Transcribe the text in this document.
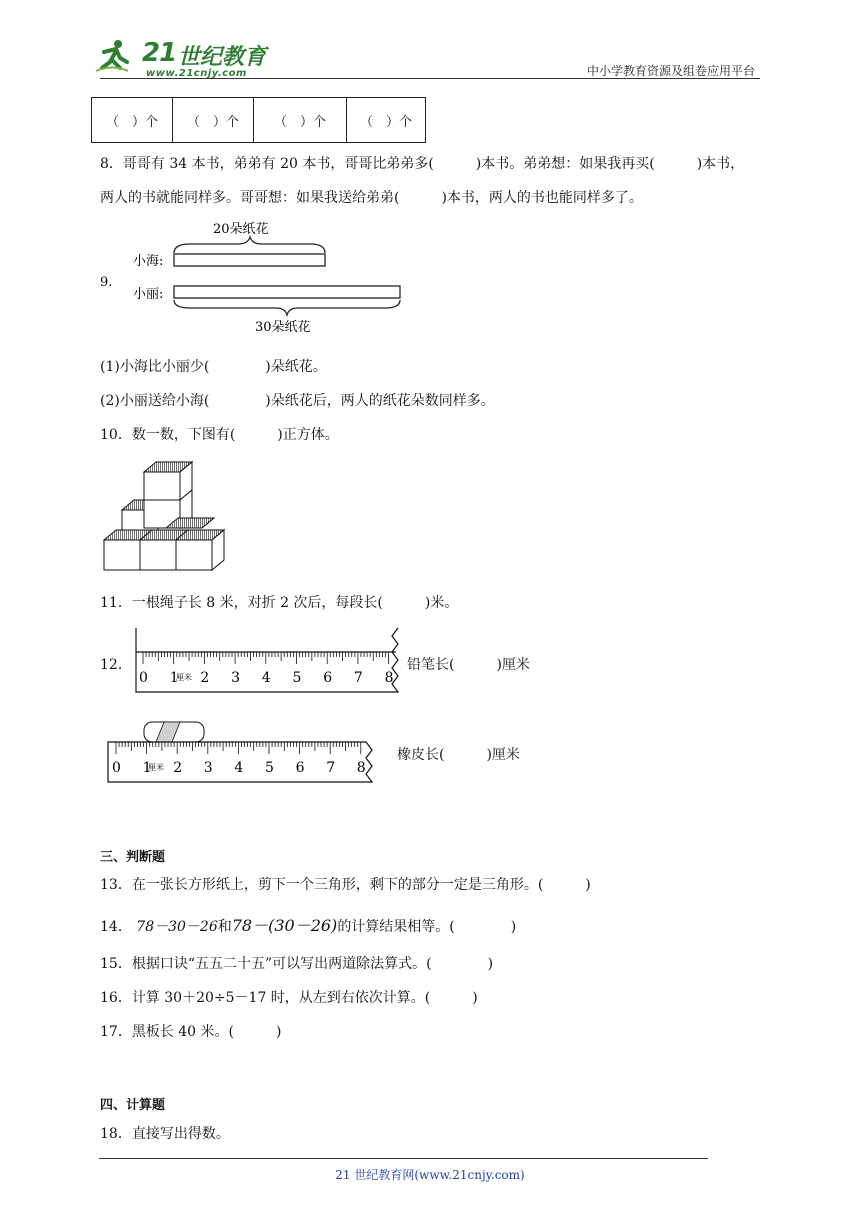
21 世纪教育
www.21cnjy.com	中小学教育资源及组卷应用平台
（　）个	（　）个	（　）个	（　）个
8．哥哥有 34 本书，弟弟有 20 本书，哥哥比弟弟多(　　　)本书。弟弟想：如果我再买(　　　)本书，
两人的书就能同样多。哥哥想：如果我送给弟弟(　　　)本书，两人的书也能同样多了。
9.
20朵纸花
小海:
小丽:
30朵纸花
(1)小海比小丽少(　　　　)朵纸花。
(2)小丽送给小海(　　　　)朵纸花后，两人的纸花朵数同样多。
10．数一数，下图有(　　　)正方体。
11．一根绳子长 8 米，对折 2 次后，每段长(　　　)米。
12．
0 1 2 3 4 5 6 7 8
厘米
铅笔长(　　　)厘米
0 1 2 3 4 5 6 7 8
厘米
橡皮长(　　　)厘米
三、判断题
13．在一张长方形纸上，剪下一个三角形，剩下的部分一定是三角形。(　　　)
14． 78－30－26和78－(30－26)的计算结果相等。(　　　　)
15．根据口诀“五五二十五”可以写出两道除法算式。(　　　　)
16．计算 30＋20÷5－17 时，从左到右依次计算。(　　　)
17．黑板长 40 米。(　　　)
四、计算题
18．直接写出得数。
21 世纪教育网(www.21cnjy.com)
